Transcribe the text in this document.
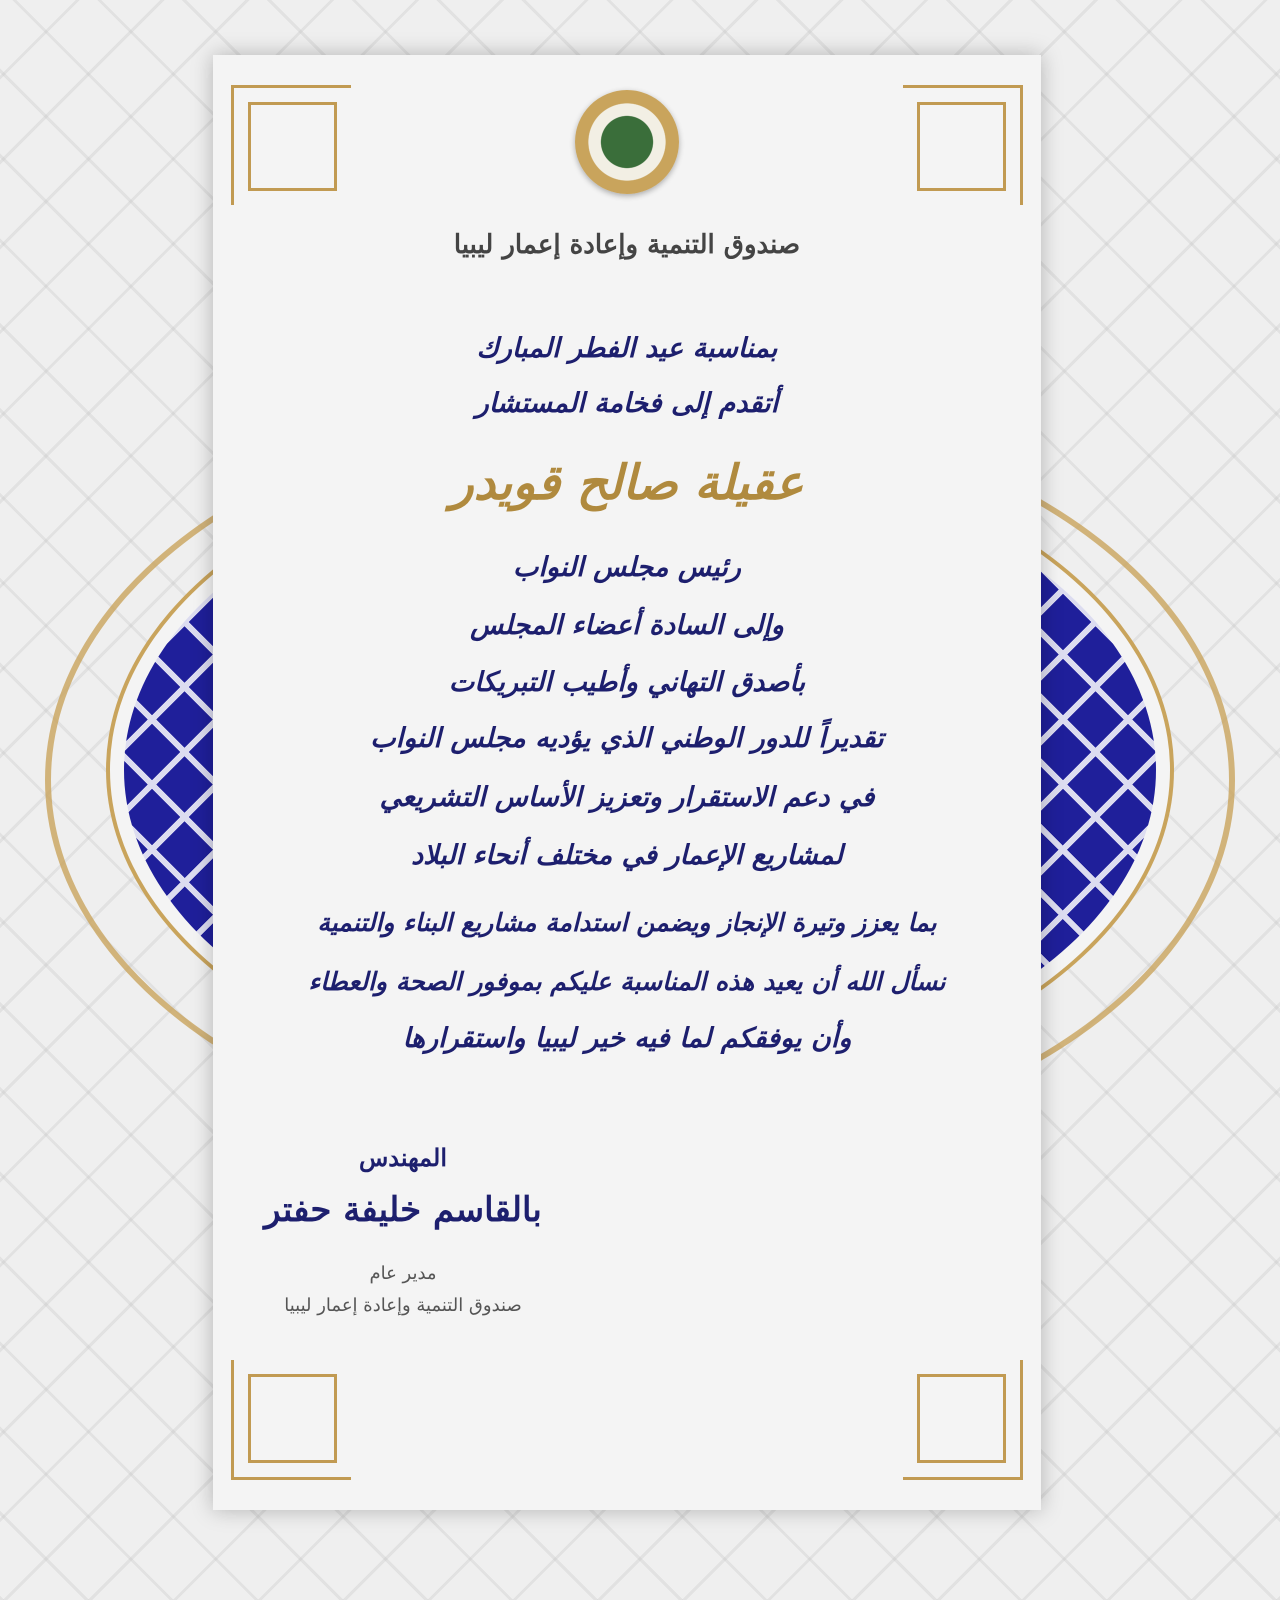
صندوق التنمية وإعادة إعمار ليبيا
بمناسبة عيد الفطر المبارك
أتقدم إلى فخامة المستشار
عقيلة صالح قويدر
رئيس مجلس النواب
وإلى السادة أعضاء المجلس
بأصدق التهاني وأطيب التبريكات
تقديراً للدور الوطني الذي يؤديه مجلس النواب
في دعم الاستقرار وتعزيز الأساس التشريعي
لمشاريع الإعمار في مختلف أنحاء البلاد
بما يعزز وتيرة الإنجاز ويضمن استدامة مشاريع البناء والتنمية
نسأل الله أن يعيد هذه المناسبة عليكم بموفور الصحة والعطاء
وأن يوفقكم لما فيه خير ليبيا واستقرارها
المهندس
بالقاسم خليفة حفتر
مدير عام
صندوق التنمية وإعادة إعمار ليبيا
